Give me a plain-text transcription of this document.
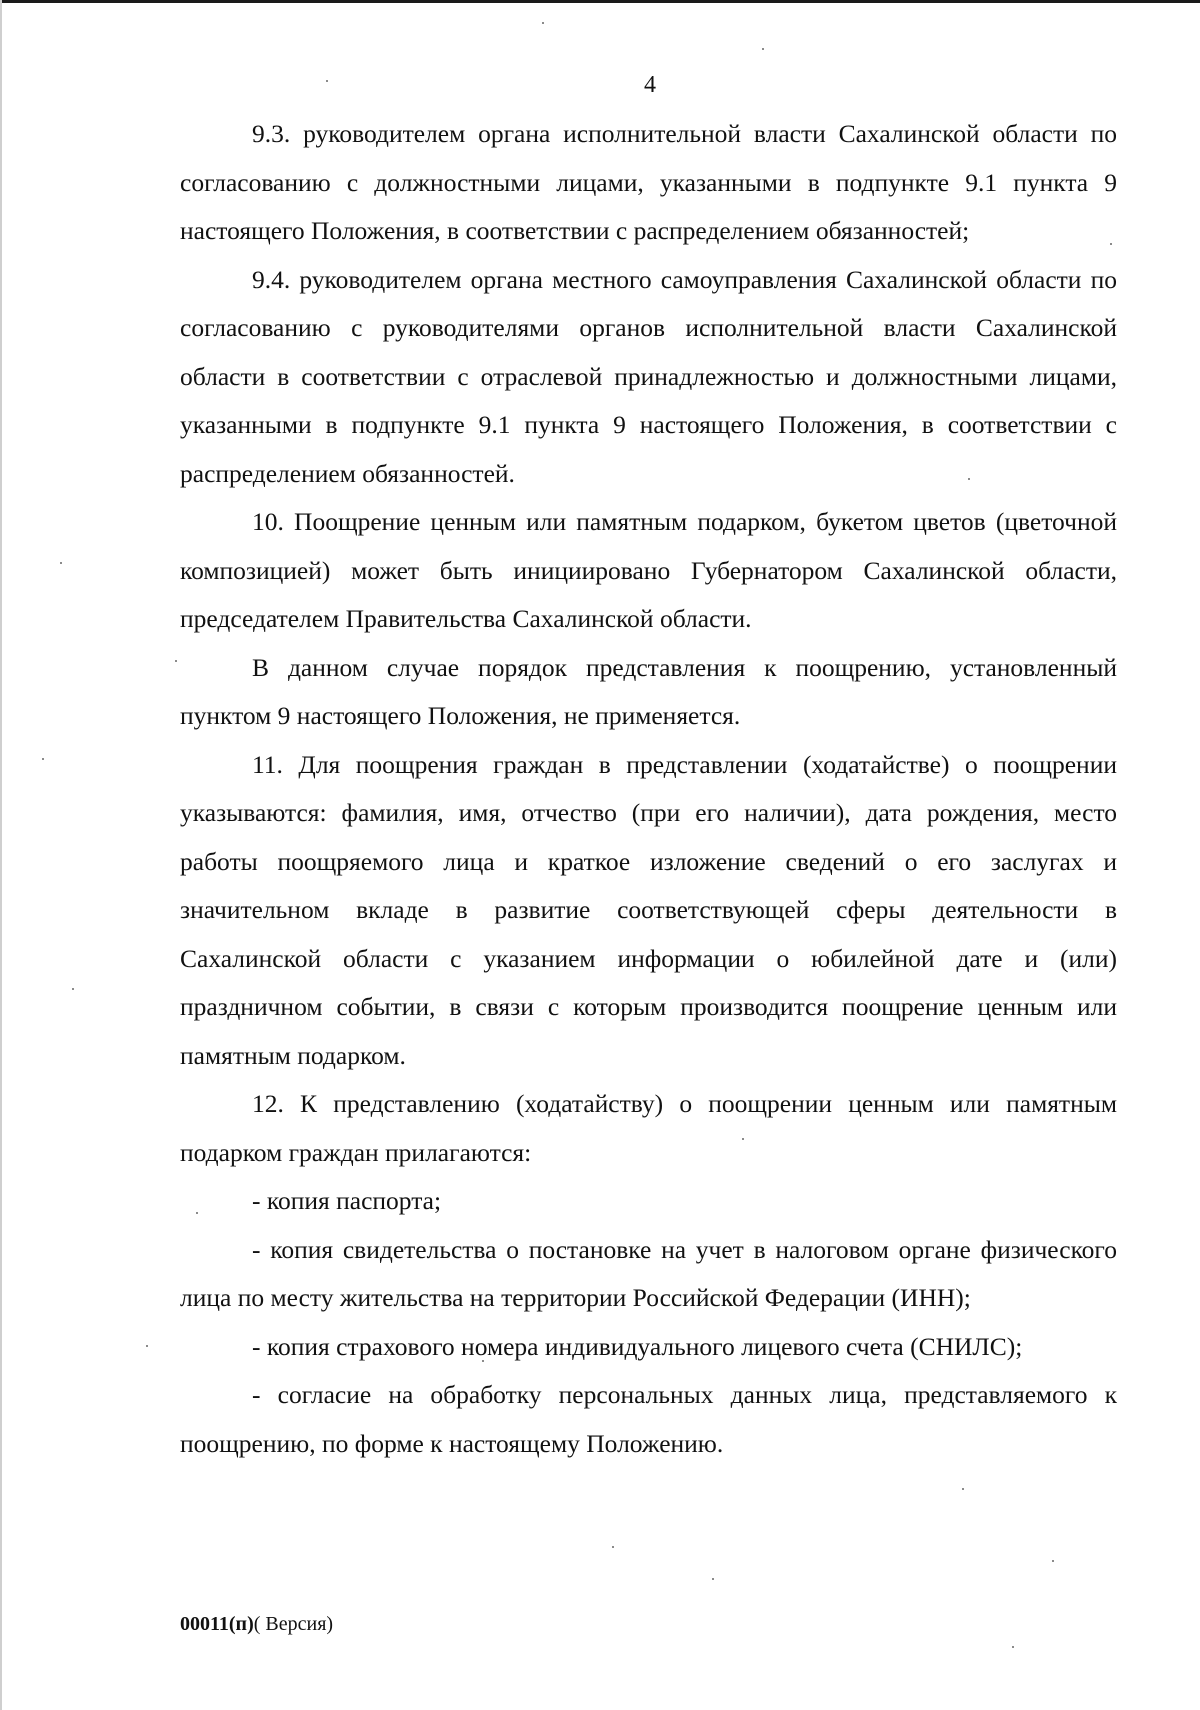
4

9.3. руководителем органа исполнительной власти Сахалинской области по согласованию с должностными лицами, указанными в подпункте 9.1 пункта 9 настоящего Положения, в соответствии с распределением обязанностей;

9.4. руководителем органа местного самоуправления Сахалинской области по согласованию с руководителями органов исполнительной власти Сахалинской области в соответствии с отраслевой принадлежностью и должностными лицами, указанными в подпункте 9.1 пункта 9 настоящего Положения, в соответствии с распределением обязанностей.

10. Поощрение ценным или памятным подарком, букетом цветов (цветочной композицией) может быть инициировано Губернатором Сахалинской области, председателем Правительства Сахалинской области.

В данном случае порядок представления к поощрению, установленный пунктом 9 настоящего Положения, не применяется.

11. Для поощрения граждан в представлении (ходатайстве) о поощрении указываются: фамилия, имя, отчество (при его наличии), дата рождения, место работы поощряемого лица и краткое изложение сведений о его заслугах и значительном вкладе в развитие соответствующей сферы деятельности в Сахалинской области с указанием информации о юбилейной дате и (или) праздничном событии, в связи с которым производится поощрение ценным или памятным подарком.

12. К представлению (ходатайству) о поощрении ценным или памятным подарком граждан прилагаются:

- копия паспорта;

- копия свидетельства о постановке на учет в налоговом органе физического лица по месту жительства на территории Российской Федерации (ИНН);

- копия страхового номера индивидуального лицевого счета (СНИЛС);

- согласие на обработку персональных данных лица, представляемого к поощрению, по форме к настоящему Положению.

00011(п)( Версия)
